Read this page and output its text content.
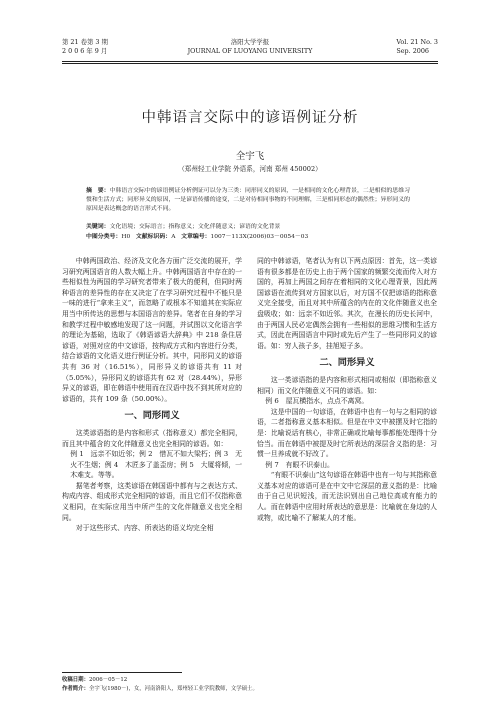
第 21 卷第 3 期
2 0 0 6 年 9 月
洛阳大学学报
JOURNAL OF LUOYANG UNIVERSITY
Vol. 21 No. 3
Sep. 2006
中韩语言交际中的谚语例证分析
全宇飞
（郑州轻工业学院 外语系，河南 郑州 450002）
摘　要：中韩语言交际中的谚语例证分析例证可以分为三类：同形同义的原因，一是相同的文化心理背景，二是相似的思维习惯和生活方式；同形异义的原因，一是谚语传播的途变，二是对待相同事物的不同理解，三是相同形态的偶然性；异形同义的原因是表达概念的语言形式不同。
关键词：文化语境；交际语言；指称意义；文化伴随意义；谚语的文化背景
中图分类号：H0 文献标识码：A 文章编号：1007－113X(2006)03－0054－03

中韩两国政治、经济及文化各方面广泛交流的展开，学习研究两国语言的人数大幅上升。中韩两国语言中存在的一些相似性为两国的学习研究者带来了极大的便利，但同时两种语言的差异性的存在又决定了在学习研究过程中不能只是一味的进行“拿来主义”，而忽略了或根本不知道其在实际应用当中所传达的思想与本国语言的差异。笔者在自身的学习和教学过程中敏感地发现了这一问题，并试图以文化语言学的理论为基础，选取了《韩语谚语大辞典》中 218 条住居谚语，对照对应的中文谚语，按构成方式和内容进行分类，结合谚语的文化语义进行例证分析。其中，同形同义的谚语共有 36 对（16.51%），同形异义的谚语共有 11 对（5.05%），异形同义的谚语共有 62 对（28.44%），异形异义的谚语，即在韩语中使用而在汉语中找不到其所对应的谚语的，共有 109 条（50.00%）。

一、同形同义

这类谚语指的是内容和形式（指称意义）都完全相同，而且其中蕴含的文化伴随意义也完全相同的谚语。如：

例 1　远亲不如近邻；例 2　惜瓦不如大梁朽；例 3　无火不生烟；例 4　木匠多了盖歪房；例 5　大厦将倾，一木难支。等等。

据笔者考察，这类谚语在韩国语中都有与之表达方式、构成内容、组成形式完全相同的谚语，而且它们不仅指称意义相同，在实际应用当中所产生的文化伴随意义也完全相同。

对于这些形式、内容、所表达的语义均完全相

同的中韩谚语，笔者认为有以下两点原因：首先，这一类谚语有很多都是在历史上由于两个国家的频繁交流而传入对方国的，再加上两国之间存在着相同的文化心理背景，因此两国谚语在流传到对方国家以后，对方国不仅把谚语的指称意义完全接受，而且对其中所蕴含的内在的文化伴随意义也全盘吸收；如：远亲不如近邻。其次，在漫长的历史长河中，由于两国人民必定偶然会拥有一些相似的思维习惯和生活方式，因此在两国语言中同时或先后产生了一些同形同义的谚语。如：穷人孩子多，挂旭短子多。

二、同形异义

这一类谚语指的是内容和形式相同或相似（即指称意义相同）而文化伴随意义不同的谚语。如：

例 6　屋瓦横指水，点点不离窝。

这是中国的一句谚语，在韩语中也有一句与之相同的谚语，二者指称意义基本相似。但是在中文中被摆及时它指的是：比喻说话有核心，非常正确或比喻每事都能处理得十分恰当。而在韩语中被提及时它所表达的深层含义指的是：习惯一旦养成就不好改了。

例 7　有眼不识泰山。

“有眼不识泰山”这句谚语在韩语中也有一句与其指称意义基本对应的谚语可是在中文中它深层的意义指的是：比喻由于自己见识短浅，而无法识别出自己地位高或有能力的人。而在韩语中应用时所表达的意思是：比喻就在身边的人或物，或比喻不了解某人的才能。

收稿日期：2006－05－12
作者简介：全宇飞(1980－)，女，河南洛阳人，郑州轻工业学院教师，文学硕士。
